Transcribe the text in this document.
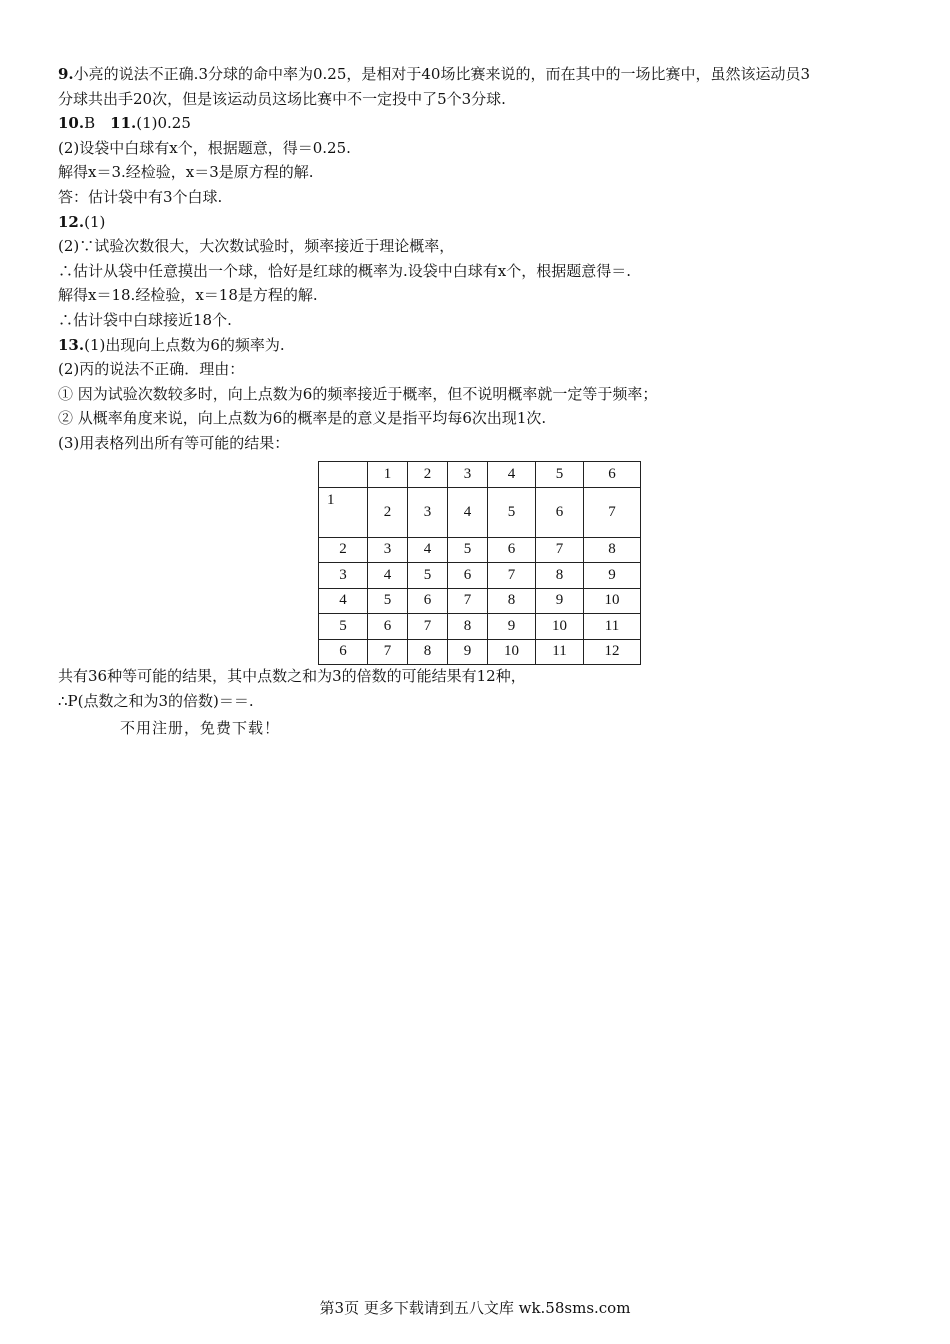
9.小亮的说法不正确.3分球的命中率为0.25，是相对于40场比赛来说的，而在其中的一场比赛中，虽然该运动员3
分球共出手20次，但是该运动员这场比赛中不一定投中了5个3分球.
10.B　11.(1)0.25
(2)设袋中白球有x个，根据题意，得＝0.25.
解得x＝3.经检验，x＝3是原方程的解.
答：估计袋中有3个白球.
12.(1)
(2)∵试验次数很大，大次数试验时，频率接近于理论概率，
∴估计从袋中任意摸出一个球，恰好是红球的概率为.设袋中白球有x个，根据题意得＝.
解得x＝18.经检验，x＝18是方程的解.
∴估计袋中白球接近18个.
13.(1)出现向上点数为6的频率为.
(2)丙的说法不正确．理由：
① 因为试验次数较多时，向上点数为6的频率接近于概率，但不说明概率就一定等于频率；
② 从概率角度来说，向上点数为6的概率是的意义是指平均每6次出现1次.
(3)用表格列出所有等可能的结果：
	1	2	3	4	5	6
1	2	3	4	5	6	7
2	3	4	5	6	7	8
3	4	5	6	7	8	9
4	5	6	7	8	9	10
5	6	7	8	9	10	11
6	7	8	9	10	11	12
共有36种等可能的结果，其中点数之和为3的倍数的可能结果有12种，
∴P(点数之和为3的倍数)＝＝.
不用注册，免费下载！
第3页 更多下载请到五八文库 wk.58sms.com
